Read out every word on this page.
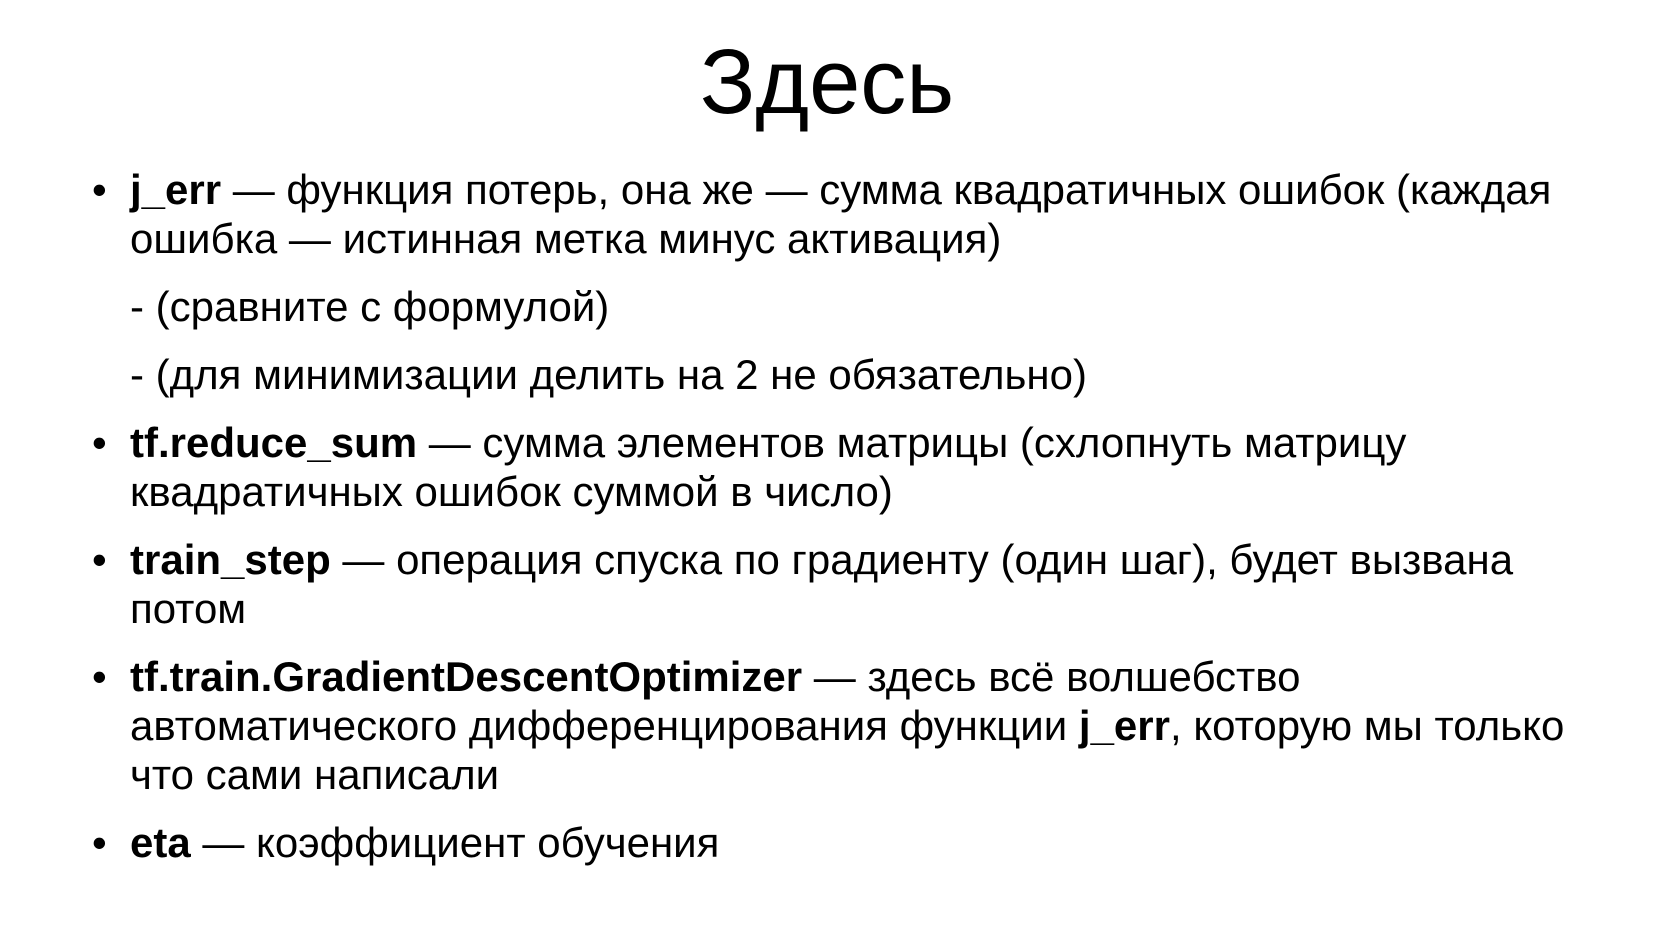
Здесь

• j_err — функция потерь, она же — сумма квадратичных ошибок (каждая ошибка — истинная метка минус активация)

- (сравните с формулой)

- (для минимизации делить на 2 не обязательно)

• tf.reduce_sum — сумма элементов матрицы (схлопнуть матрицу квадратичных ошибок суммой в число)

• train_step — операция спуска по градиенту (один шаг), будет вызвана потом

• tf.train.GradientDescentOptimizer — здесь всё волшебство автоматического дифференцирования функции j_err, которую мы только что сами написали

• eta — коэффициент обучения
